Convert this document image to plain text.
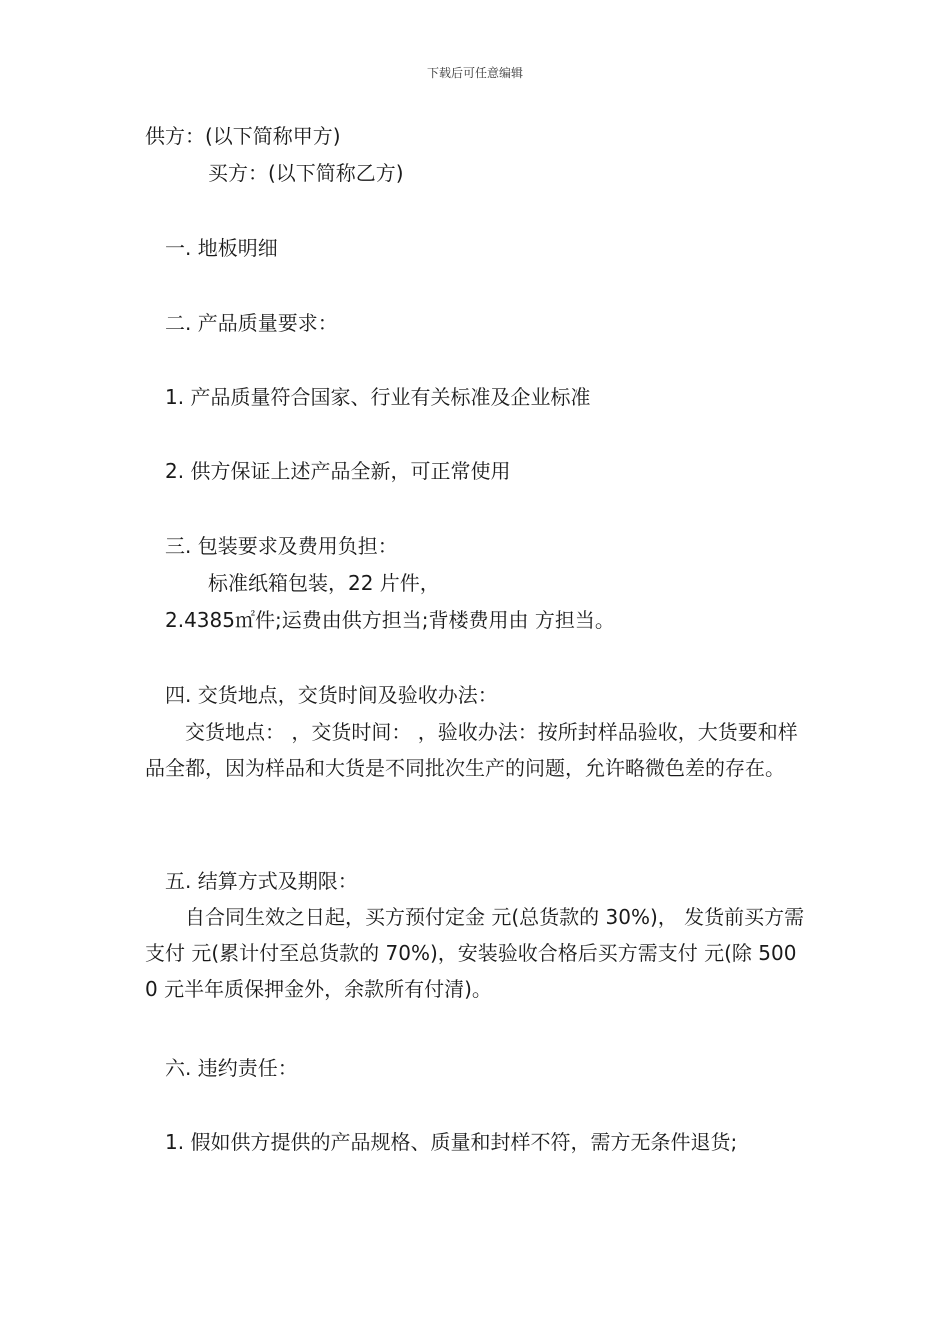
下载后可任意编辑

供方：(以下简称甲方)

买方：(以下简称乙方)

一. 地板明细

二. 产品质量要求：

1. 产品质量符合国家、行业有关标准及企业标准

2. 供方保证上述产品全新，可正常使用

三. 包装要求及费用负担：

标准纸箱包装，22 片件，

2.4385㎡件;运费由供方担当;背楼费用由 方担当。

四. 交货地点，交货时间及验收办法：

交货地点： ，交货时间： ，验收办法：按所封样品验收，大货要和样品全都，因为样品和大货是不同批次生产的问题，允许略微色差的存在。

五. 结算方式及期限：

自合同生效之日起，买方预付定金 元(总货款的 30%)， 发货前买方需支付 元(累计付至总货款的 70%)，安装验收合格后买方需支付 元(除 5000 元半年质保押金外，余款所有付清)。

六. 违约责任：

1. 假如供方提供的产品规格、质量和封样不符，需方无条件退货;
